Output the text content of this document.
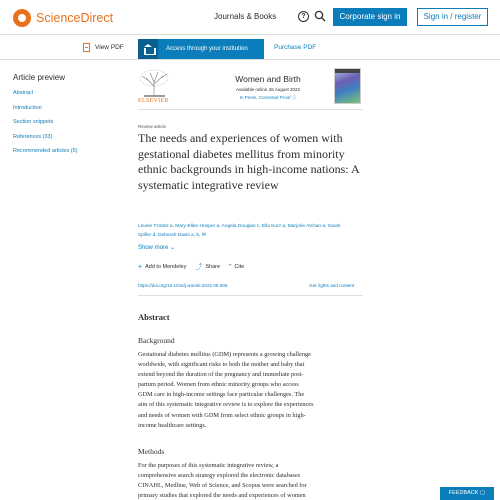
ScienceDirect	Journals & Books	?	Corporate sign in	Sign in / register
View PDF	Access through your institution	Purchase PDF
Article preview
Abstract
Introduction
Section snippets
References (33)
Recommended articles (5)
ELSEVIER
Women and Birth
Available online 26 August 2022
In Press, Corrected Proof ⓘ
Review article
The needs and experiences of women with gestational diabetes mellitus from minority ethnic backgrounds in high-income nations: A systematic integrative review
Louise Tzotzis a, Mary-Ellen Hooper a, Angela Douglas c, Ella Kurz a, Marjorie Atchan a, Sarah
Spiller d, Deborah Davis a, b, ✉
Show more ⌄
+ Add to Mendeley ⤴ Share ” Cite
https://doi.org/10.1016/j.wombi.2022.08.006	Get rights and content
Abstract
Background
Gestational diabetes mellitus (GDM) represents a growing challenge
worldwide, with significant risks to both the mother and baby that
extend beyond the duration of the pregnancy and immediate post-
partum period. Women from ethnic minority groups who access
GDM care in high-income settings face particular challenges. The
aim of this systematic integrative review is to explore the experiences
and needs of women with GDM from select ethnic groups in high-
income healthcare settings.
Methods
For the purposes of this systematic integrative review, a
comprehensive search strategy explored the electronic databases
CINAHL, Medline, Web of Science, and Scopus were searched for
primary studies that explored the needs and experiences of women	FEEDBACK ▢
